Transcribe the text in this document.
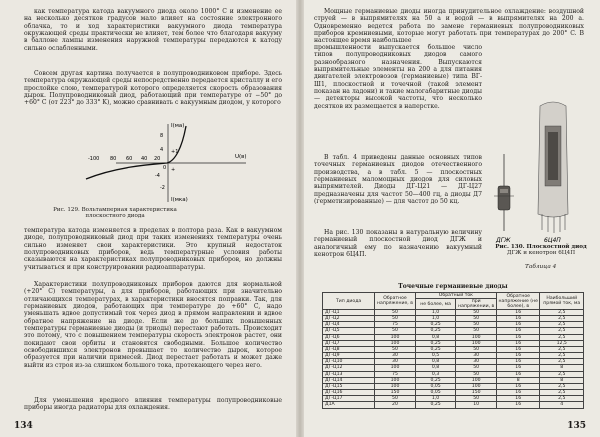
как температура катода вакуумного диода около 1000° C и изменение ее на несколько десятков градусов мало влияет на состояние электронного облачка, то и ход характеристики вакуумного диода температура окружающей среды практически не влияет, тем более что благодаря вакууму в баллоне лампы изменения наружной температуры передаются к катоду сильно ослабленными.

Совсем другая картина получается в полупроводниковом приборе. Здесь температура окружающей среды непосредственно передается кристаллу и его прослойке слою, температурой которого определяется скорость образования дырок. Полупроводниковый диод, работающий при температуре от −50° до +60° C (от 223° до 333° K), можно сравнивать с вакуумным диодом, у которого

I(ма)
8
4 +1
I(мка)
U(в)
-100 80 60 40 20
0
-4
-2
+
Рис. 129. Вольтамперная характеристика плоскостного диода

температура катода изменяется в пределах в полтора раза. Как в вакуумном диоде, полупроводниковый диод при таких изменениях температуры очень сильно изменяет свои характеристики. Это крупный недостаток полупроводниковых приборов, ведь температурные условия работы сказываются на характеристиках полупроводниковых приборов, но должны учитываться и при конструировании радиоаппаратуры.

Характеристики полупроводниковых приборов даются для нормальной (+20° C) температуры, а для приборов, работающих при значительно отличающихся температурах, в характеристики вносятся поправки. Так, для германиевых диодов, работающих при температуре до +60° C, надо уменьшать вдвое допустимый ток через диод в прямом направлении и вдвое обратное напряжение на диоде. Если же до больших повышенных температуры германиевые диоды (и триоды) перестают работать. Происходит это потому, что с повышением температуры скорость электронов растет, они покидают свои орбиты и становятся свободными. Большое количество освободившихся электронов превышает то количество дырок, которое образуется при наличии примесей. Диод перестает работать и может даже выйти из строя из-за слишком большого тока, протекающего через него.

Для уменьшения вредного влияния температуры полупроводниковые приборы иногда радиаторы для охлаждения.

134

Мощные германиевые диоды иногда принудительное охлаждение: воздушной струей — в выпрямителях на 50 а и водой — в выпрямителях на 200 а. Одновременно ведется работа по замене германиевых полупроводниковых приборов кремниевыми, которые могут работать при температурах до 200° C. В настоящее время наибольшее

промышленности выпускается большое число типов полупроводниковых диодов самого разнообразного назначения. Выпускаются выпрямительные элементы на 200 а для питания двигателей электровозов (германиевые) типа ВГ-Ш1, плоскостной и точечной (такой элемент показан на ладони) и такие малогабаритные диоды — детекторы высокой частоты, что несколько десятков их размещается в наперстке.

В табл. 4 приведены данные основных типов точечных германиевых диодов отечественного производства, а в табл. 5 — плоскостных германиевых маломощных диодов для силовых выпрямителей. Диоды ДГ-Ц21 — ДГ-Ц27 предназначены для частот 50—400 гц, а диоды Д7 (герметизированные) — для частот до 50 кц.

На рис. 130 показаны в натуральную величину германиевый плоскостной диод ДГЖ и аналогичный ему по назначению вакуумный кенотрон 6Ц4П.

ДГЖ	6Ц4П
Рис. 130. Плоскостной диод
ДГЖ и кенотрон 6Ц4П
Таблица 4
Точечные германиевые диоды
Тип диода	Обратное напряжение, в	Обратный ток		Обратное напряжение (не более), в	Наибольший прямой ток, ма
		не более, ма	при напряжении, в		
ДГ-Ц1	50	1,0	50	16	2,5
ДГ-Ц2	50	1,0	50	16	2,5
ДГ-Ц4	75	0,25	50	16	2,5
ДГ-Ц5	50	0,25	50	16	2,5
ДГ-Ц6	100	0,8	100	16	2,5
ДГ-Ц7	100	0,25	100	16	12,5
ДГ-Ц8	50	0,25	50	16	2,5
ДГ-Ц9	30	0,5	30	16	2,5
ДГ-Ц10	30	0,8	30	16	2,5
ДГ-Ц12	100	0,8	50	16	8
ДГ-Ц13	75	0,3	50	16	2,5
ДГ-Ц14	100	0,25	100	8	8
ДГ-Ц15	100	0,05	100	16	2,5
ДГ-Ц16	150	0,05	150	16	2,5
ДГ-Ц17	50	1,0	50	16	2,5
Д1А	20	0,25	10	16	4
135
